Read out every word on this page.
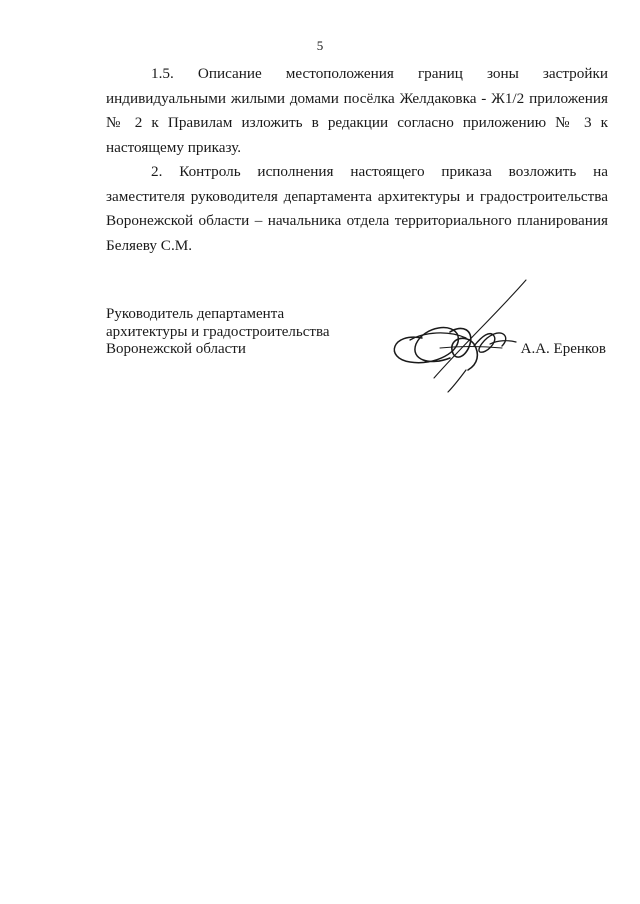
5

1.5. Описание местоположения границ зоны застройки индивидуальными жилыми домами посёлка Желдаковка - Ж1/2 приложения № 2 к Правилам изложить в редакции согласно приложению № 3 к настоящему приказу.

2. Контроль исполнения настоящего приказа возложить на заместителя руководителя департамента архитектуры и градостроительства Воронежской области – начальника отдела территориального планирования Беляеву С.М.

Руководитель департамента
архитектуры и градостроительства
Воронежской области	А.А. Еренков
